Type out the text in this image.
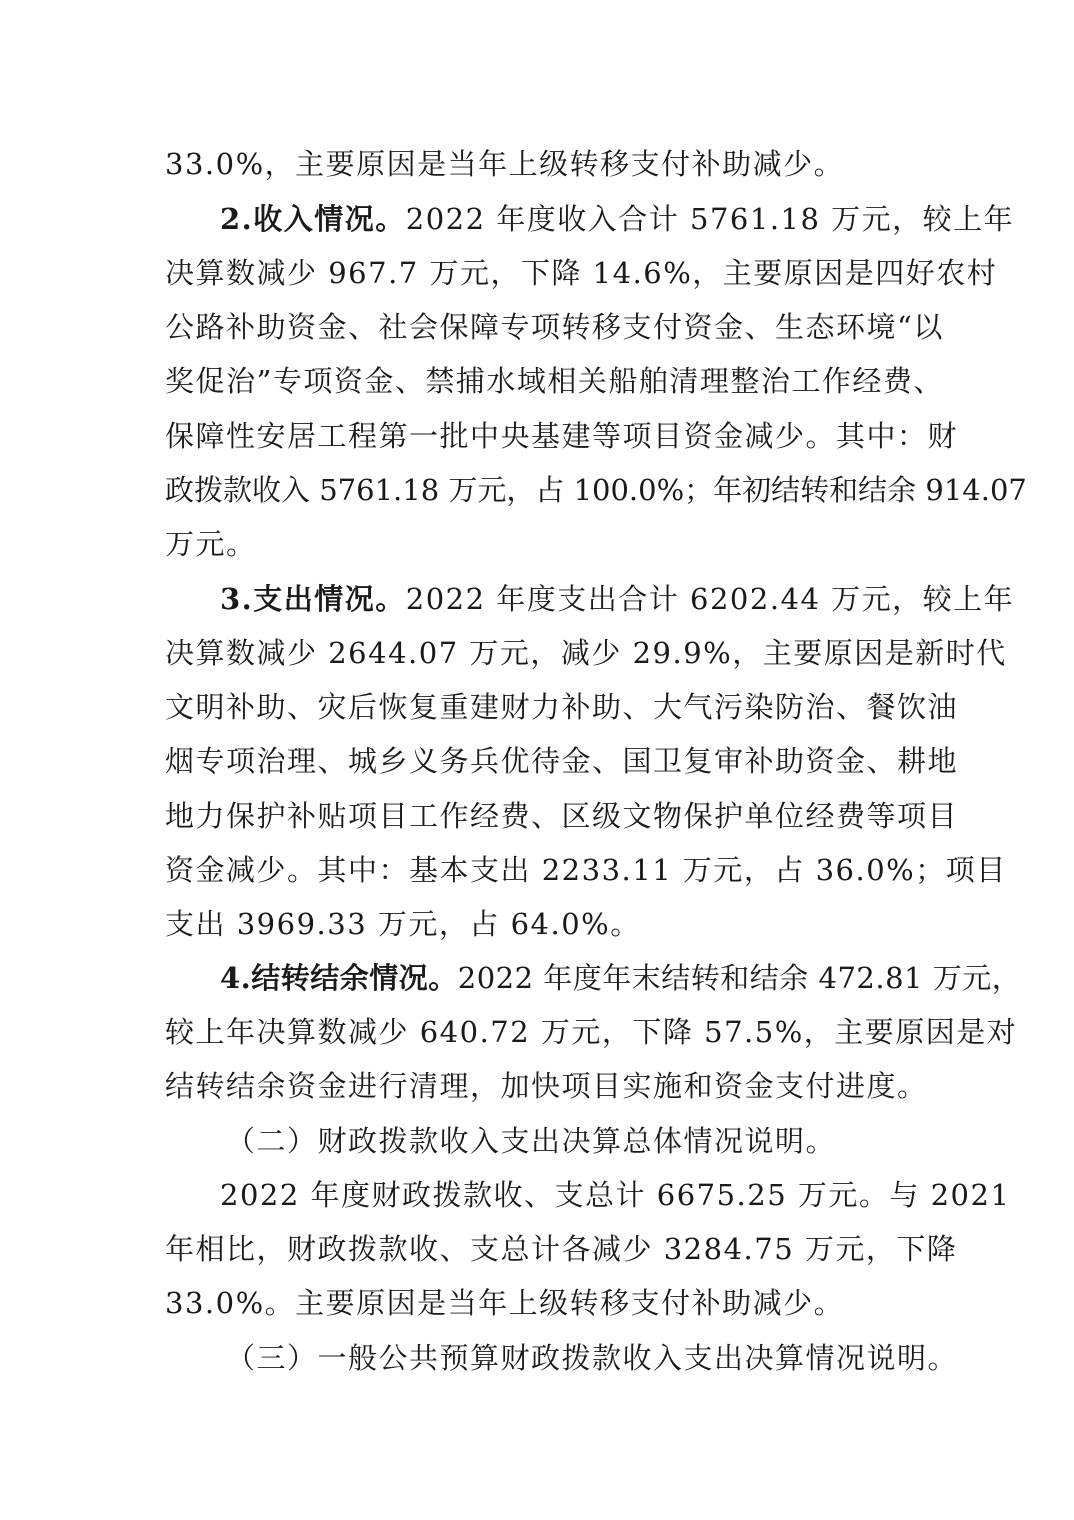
33.0%，主要原因是当年上级转移支付补助减少。
2.收入情况。2022 年度收入合计 5761.18 万元，较上年
决算数减少 967.7 万元，下降 14.6%，主要原因是四好农村
公路补助资金、社会保障专项转移支付资金、生态环境“以
奖促治”专项资金、禁捕水域相关船舶清理整治工作经费、
保障性安居工程第一批中央基建等项目资金减少。其中：财
政拨款收入 5761.18 万元，占 100.0%；年初结转和结余 914.07
万元。
3.支出情况。2022 年度支出合计 6202.44 万元，较上年
决算数减少 2644.07 万元，减少 29.9%，主要原因是新时代
文明补助、灾后恢复重建财力补助、大气污染防治、餐饮油
烟专项治理、城乡义务兵优待金、国卫复审补助资金、耕地
地力保护补贴项目工作经费、区级文物保护单位经费等项目
资金减少。其中：基本支出 2233.11 万元，占 36.0%；项目
支出 3969.33 万元，占 64.0%。
4.结转结余情况。2022 年度年末结转和结余 472.81 万元，
较上年决算数减少 640.72 万元，下降 57.5%，主要原因是对
结转结余资金进行清理，加快项目实施和资金支付进度。
（二）财政拨款收入支出决算总体情况说明。
2022 年度财政拨款收、支总计 6675.25 万元。与 2021
年相比，财政拨款收、支总计各减少 3284.75 万元，下降
33.0%。主要原因是当年上级转移支付补助减少。
（三）一般公共预算财政拨款收入支出决算情况说明。
